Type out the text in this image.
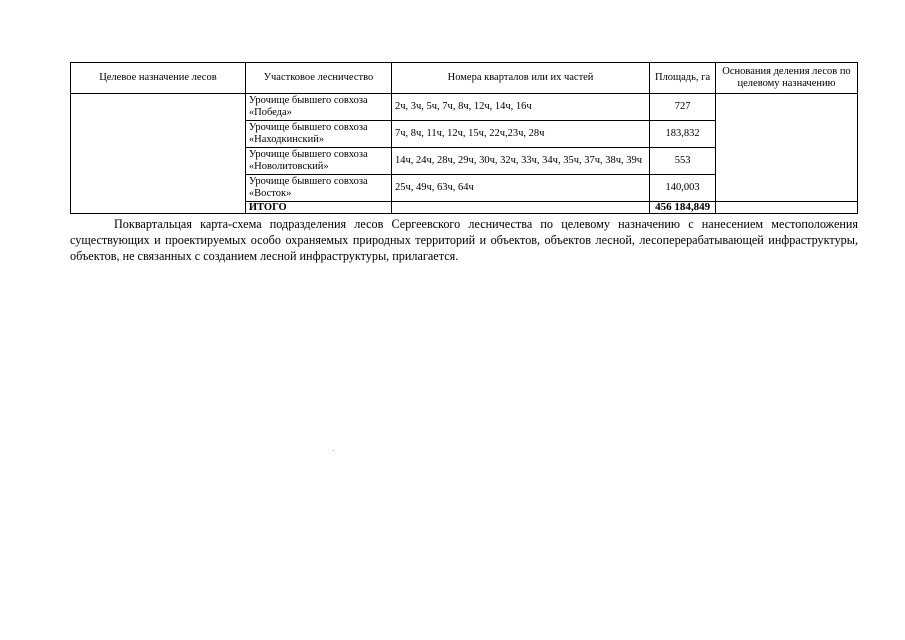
Целевое назначение лесов	Участковое лесничество	Номера кварталов или их частей	Площадь, га	Основания деления лесов по целевому назначению
	Урочище бывшего совхоза «Победа»	2ч, 3ч, 5ч, 7ч, 8ч, 12ч, 14ч, 16ч	727	
	Урочище бывшего совхоза «Находкинский»	7ч, 8ч, 11ч, 12ч, 15ч, 22ч,23ч, 28ч	183,832	
	Урочище бывшего совхоза «Новолитовский»	14ч, 24ч, 28ч, 29ч, 30ч, 32ч, 33ч, 34ч, 35ч, 37ч, 38ч, 39ч	553	
	Урочище бывшего совхоза «Восток»	25ч, 49ч, 63ч, 64ч	140,003	
	ИТОГО		456 184,849	

Поквартальцая карта-схема подразделения лесов Сергеевского лесничества по целевому назначению с нанесением местоположения существующих и проектируемых особо охраняемых природных территорий и объектов, объектов лесной, лесоперерабатывающей инфраструктуры, объектов, не связанных с созданием лесной инфраструктуры, прилагается.
